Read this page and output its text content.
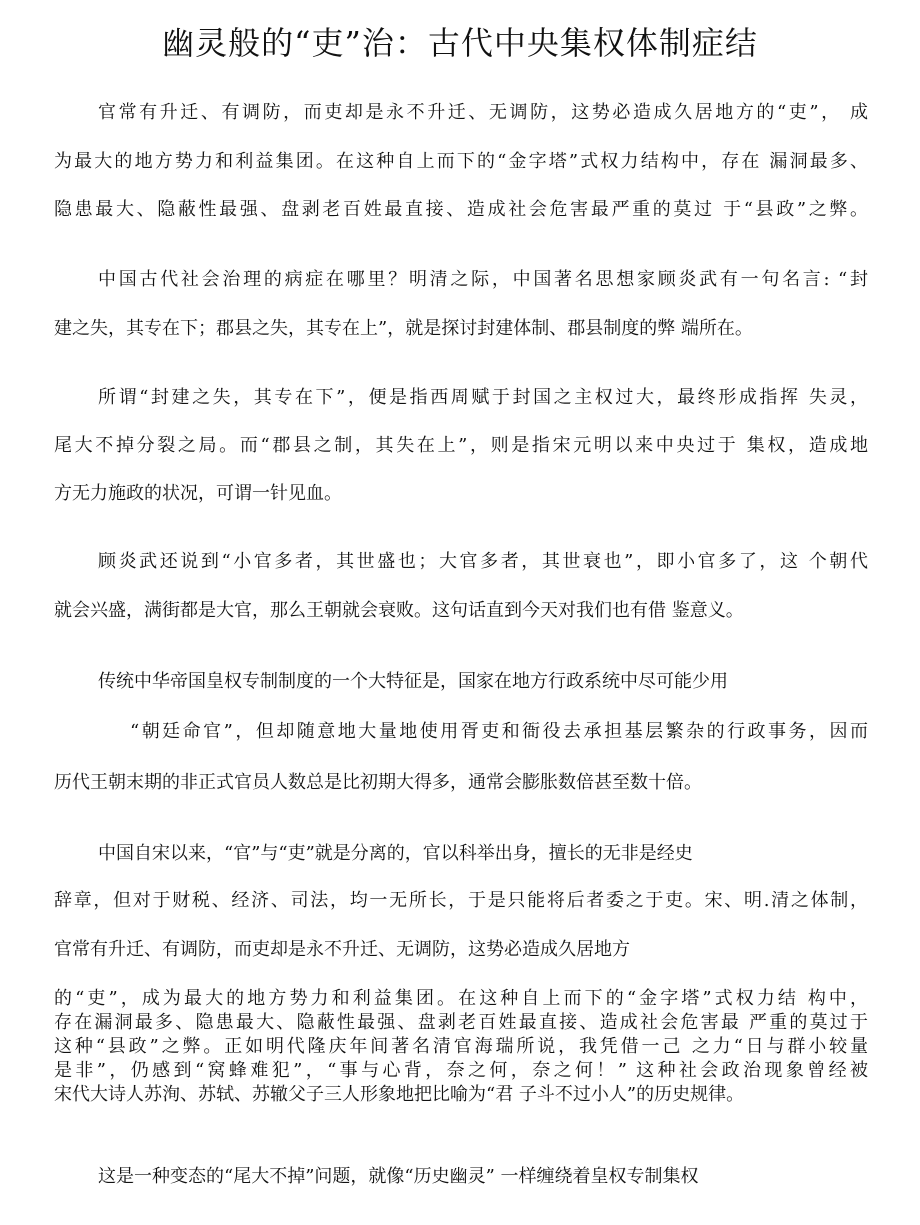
幽灵般的“吏”治：古代中央集权体制症结
官常有升迁、有调防，而吏却是永不升迁、无调防，这势必造成久居地方的“吏”， 成
为最大的地方势力和利益集团。在这种自上而下的“金字塔”式权力结构中，存在 漏洞最多、
隐患最大、隐蔽性最强、盘剥老百姓最直接、造成社会危害最严重的莫过 于“县政”之弊。
中国古代社会治理的病症在哪里？明清之际，中国著名思想家顾炎武有一句名言: “封
建之失，其专在下；郡县之失，其专在上”，就是探讨封建体制、郡县制度的弊 端所在。
所谓“封建之失，其专在下”，便是指西周赋于封国之主权过大，最终形成指挥 失灵，
尾大不掉分裂之局。而“郡县之制，其失在上”，则是指宋元明以来中央过于 集权，造成地
方无力施政的状况，可谓一针见血。
顾炎武还说到“小官多者，其世盛也；大官多者，其世衰也”，即小官多了，这 个朝代
就会兴盛，满街都是大官，那么王朝就会衰败。这句话直到今天对我们也有借 鉴意义。
传统中华帝国皇权专制制度的一个大特征是，国家在地方行政系统中尽可能少用
“朝廷命官”，但却随意地大量地使用胥吏和衙役去承担基层繁杂的行政事务，因而
历代王朝末期的非正式官员人数总是比初期大得多，通常会膨胀数倍甚至数十倍。
中国自宋以来，“官”与“吏”就是分离的，官以科举出身，擅长的无非是经史
辞章，但对于财税、经济、司法，均一无所长，于是只能将后者委之于吏。宋、明.清之体制，
官常有升迁、有调防，而吏却是永不升迁、无调防，这势必造成久居地方
的“吏”，成为最大的地方势力和利益集团。在这种自上而下的“金字塔”式权力结 构中，
存在漏洞最多、隐患最大、隐蔽性最强、盘剥老百姓最直接、造成社会危害最 严重的莫过于
这种“县政”之弊。正如明代隆庆年间著名清官海瑞所说，我凭借一己 之力“日与群小较量
是非”，仍感到“窝蜂难犯”，“事与心背，奈之何，奈之何！” 这种社会政治现象曾经被
宋代大诗人苏洵、苏轼、苏辙父子三人形象地把比喻为“君 子斗不过小人”的历史规律。
这是一种变态的“尾大不掉”问题，就像“历史幽灵” 一样缠绕着皇权专制集权
